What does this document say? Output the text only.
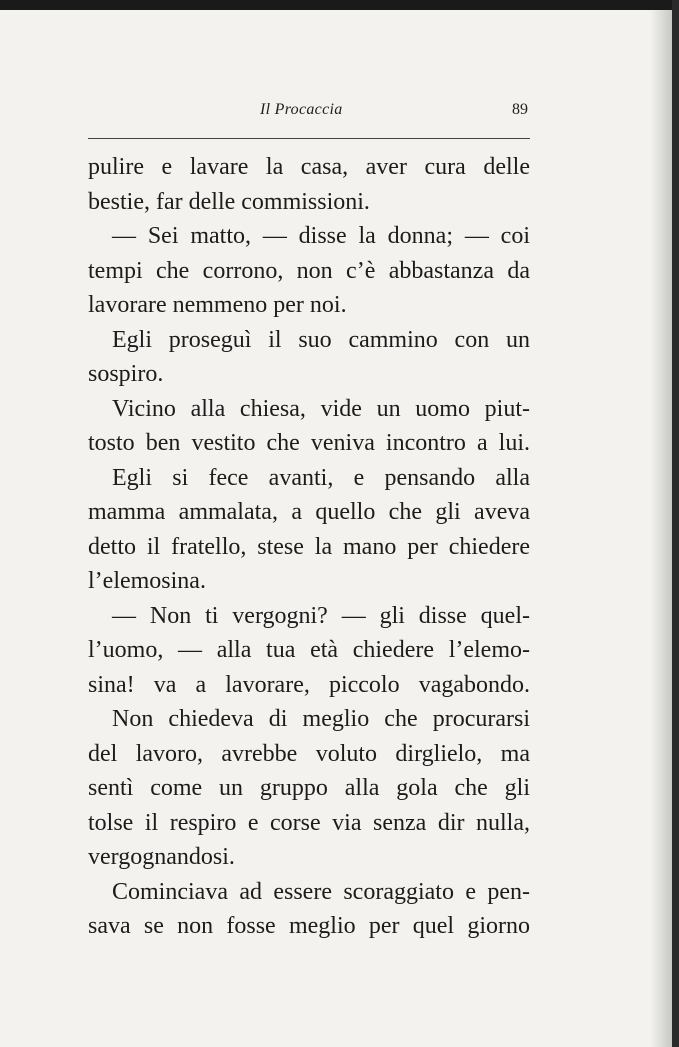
Il Procaccia	89
pulire e lavare la casa, aver cura delle
bestie, far delle commissioni.
— Sei matto, — disse la donna; — coi
tempi che corrono, non c’è abbastanza da
lavorare nemmeno per noi.
Egli proseguì il suo cammino con un
sospiro.
Vicino alla chiesa, vide un uomo piut-
tosto ben vestito che veniva incontro a lui.
Egli si fece avanti, e pensando alla
mamma ammalata, a quello che gli aveva
detto il fratello, stese la mano per chiedere
l’elemosina.
— Non ti vergogni? — gli disse quel-
l’uomo, — alla tua età chiedere l’elemo-
sina! va a lavorare, piccolo vagabondo.
Non chiedeva di meglio che procurarsi
del lavoro, avrebbe voluto dirglielo, ma
sentì come un gruppo alla gola che gli
tolse il respiro e corse via senza dir nulla,
vergognandosi.
Cominciava ad essere scoraggiato e pen-
sava se non fosse meglio per quel giorno
